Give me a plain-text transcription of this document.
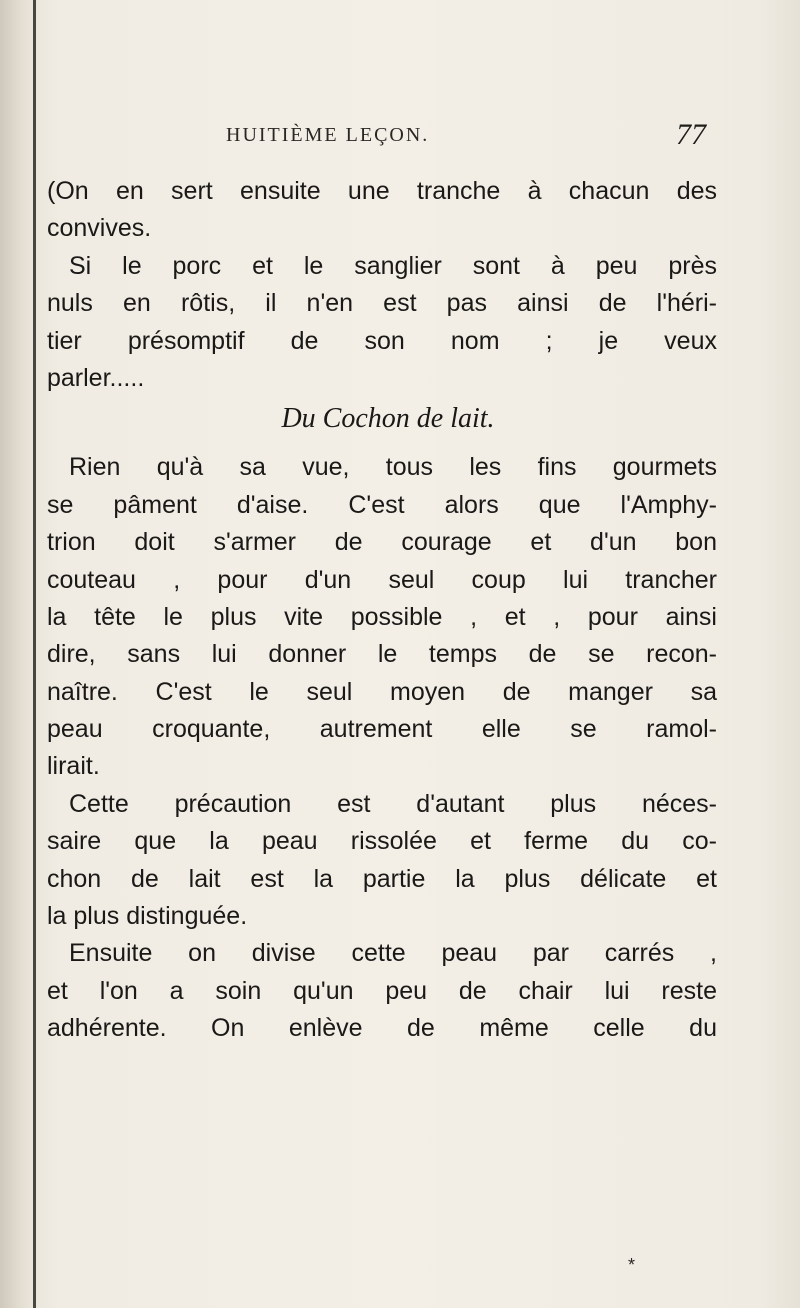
HUITIÈME LEÇON.	77
(On en sert ensuite une tranche à chacun des
convives.
Si le porc et le sanglier sont à peu près
nuls en rôtis, il n'en est pas ainsi de l'héri-
tier présomptif de son nom ; je veux
parler.....
Du Cochon de lait.
Rien qu'à sa vue, tous les fins gourmets
se pâment d'aise. C'est alors que l'Amphy-
trion doit s'armer de courage et d'un bon
couteau , pour d'un seul coup lui trancher
la tête le plus vite possible , et , pour ainsi
dire, sans lui donner le temps de se recon-
naître. C'est le seul moyen de manger sa
peau croquante, autrement elle se ramol-
lirait.
Cette précaution est d'autant plus néces-
saire que la peau rissolée et ferme du co-
chon de lait est la partie la plus délicate et
la plus distinguée.
Ensuite on divise cette peau par carrés ,
et l'on a soin qu'un peu de chair lui reste
adhérente. On enlève de même celle du
*
